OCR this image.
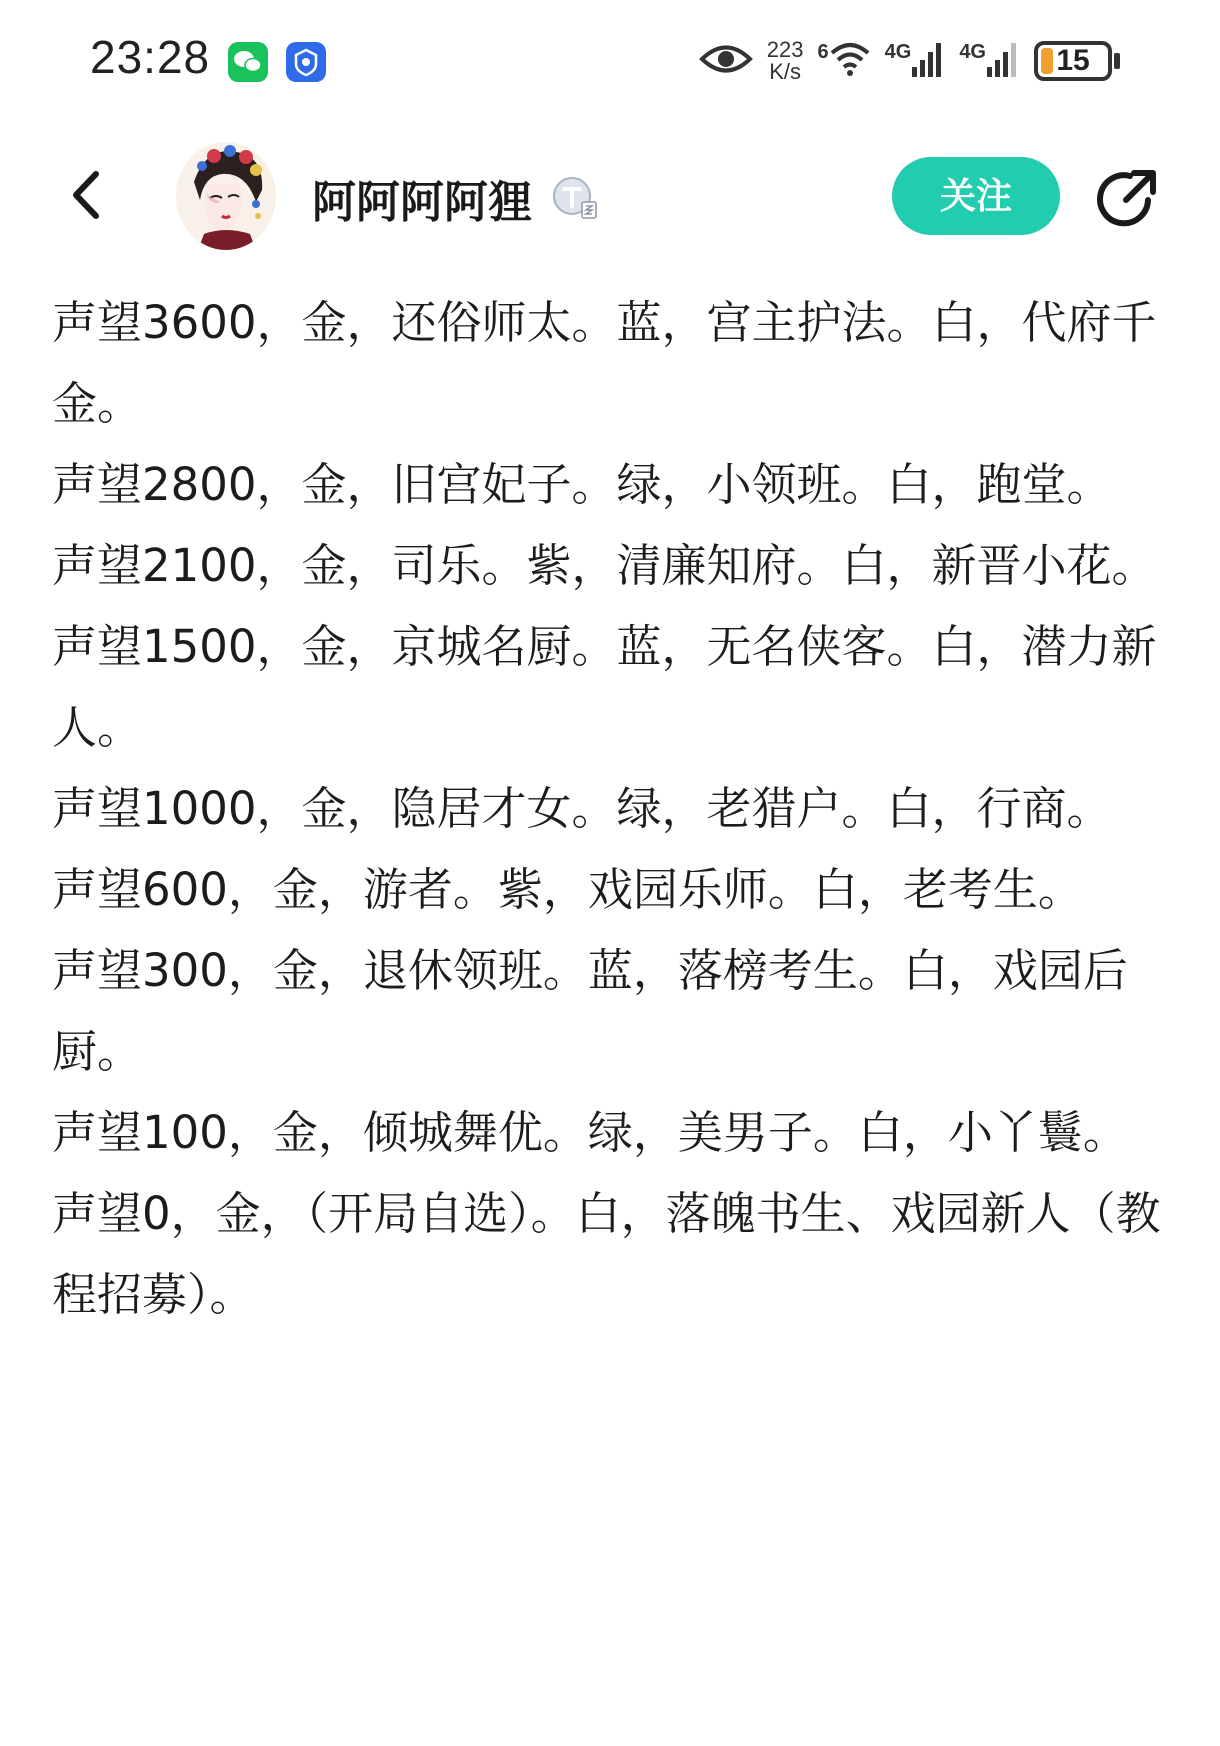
23:28	223
K/s
6	4G 4G	15
阿阿阿阿狸	关注

声望3600，金，还俗师太。蓝，宫主护法。白，代府千金。

声望2800，金，旧宫妃子。绿，小领班。白，跑堂。

声望2100，金，司乐。紫，清廉知府。白，新晋小花。

声望1500，金，京城名厨。蓝，无名侠客。白，潜力新人。

声望1000，金，隐居才女。绿，老猎户。白，行商。

声望600，金，游者。紫，戏园乐师。白，老考生。

声望300，金，退休领班。蓝，落榜考生。白，戏园后厨。

声望100，金，倾城舞优。绿，美男子。白，小丫鬟。

声望0，金，（开局自选）。白，落魄书生、戏园新人（教程招募）。
